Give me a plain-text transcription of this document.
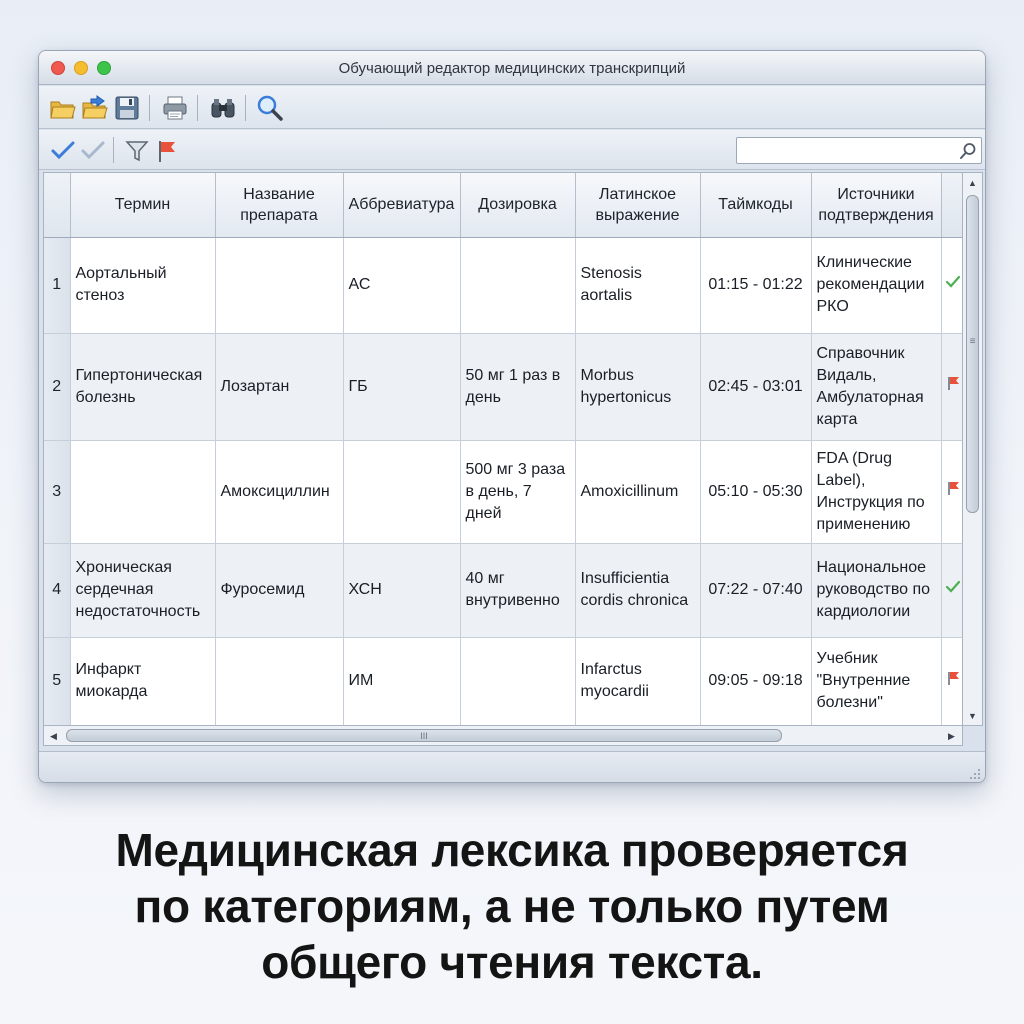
Обучающий редактор медицинских транскрипций
	Термин	Название препарата	Аббревиатура	Дозировка	Латинское выражение	Таймкоды	Источники подтверждения	
1	Аортальный стеноз		АС		Stenosis aortalis	01:15 - 01:22	Клинические рекомендации РКО	
2	Гипертоническая болезнь	Лозартан	ГБ	50 мг 1 раз в день	Morbus hypertonicus	02:45 - 03:01	Справочник Видаль, Амбулаторная карта	
3		Амоксициллин		500 мг 3 раза в день, 7 дней	Amoxicillinum	05:10 - 05:30	FDA (Drug Label), Инструкция по применению	
4	Хроническая сердечная недостаточность	Фуросемид	ХСН	40 мг внутривенно	Insufficientia cordis chronica	07:22 - 07:40	Национальное руководство по кардиологии	
5	Инфаркт миокарда		ИМ		Infarctus myocardii	09:05 - 09:18	Учебник "Внутренние болезни"	
▲
≡
▼
◀	III	▶
Медицинская лексика проверяется
по категориям, а не только путем
общего чтения текста.
